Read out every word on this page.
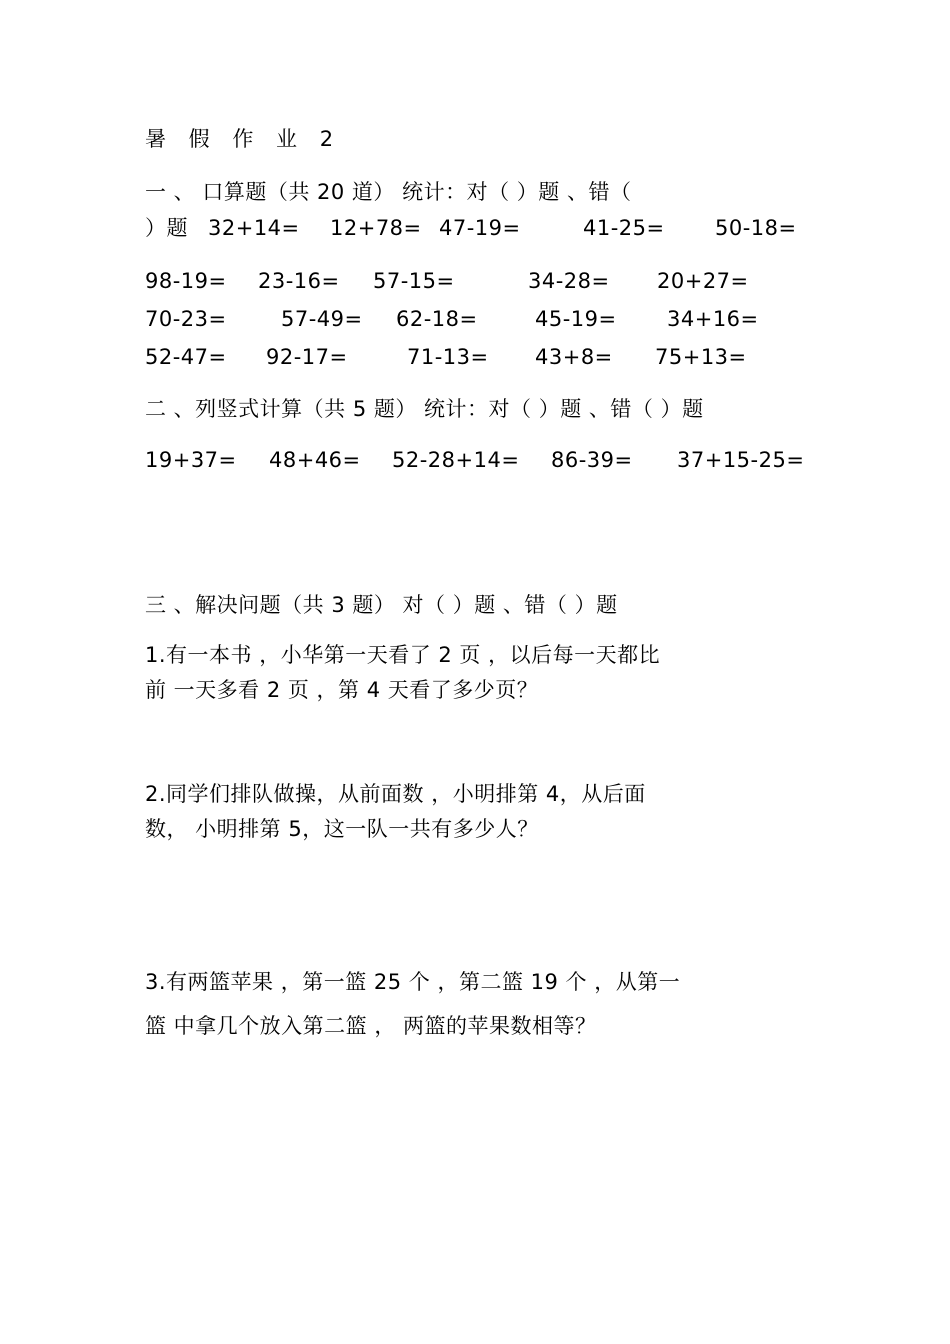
暑 假 作 业 2

一 、 口算题（共 20 道） 统计：对（ ）题 、错（

）题 32+14= 12+78= 47-19=	41-25= 50-18=
98-19= 23-16= 57-15=	34-28= 20+27=
70-23=	57-49= 62-18=	45-19= 34+16=
52-47= 92-17=	71-13= 43+8= 75+13=

二 、列竖式计算（共 5 题） 统计：对（ ）题 、错（ ）题

19+37= 48+46= 52-28+14= 86-39= 37+15-25=

三 、解决问题（共 3 题） 对（ ）题 、错（ ）题

1.有一本书 ，小华第一天看了 2 页 ，以后每一天都比

前 一天多看 2 页 ，第 4 天看了多少页？

2.同学们排队做操，从前面数 ，小明排第 4，从后面

数， 小明排第 5，这一队一共有多少人？

3.有两篮苹果 ，第一篮 25 个 ，第二篮 19 个 ，从第一

篮 中拿几个放入第二篮 ， 两篮的苹果数相等？
